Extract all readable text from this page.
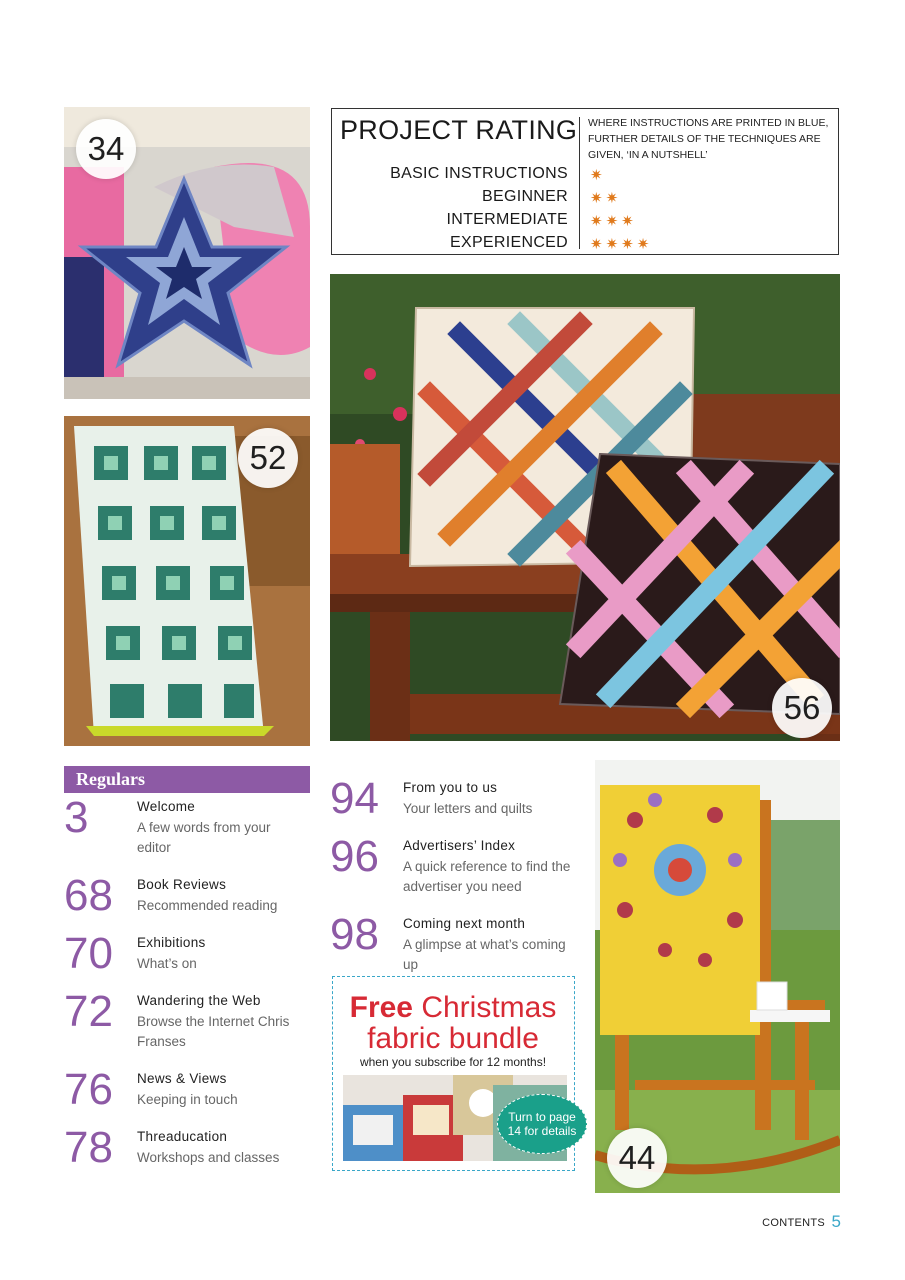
34
52
PROJECT RATING WHERE INSTRUCTIONS ARE PRINTED IN BLUE, FURTHER DETAILS OF THE TECHNIQUES ARE GIVEN, ‘IN A NUTSHELL’
BASIC INSTRUCTIONS ✷
BEGINNER ✷✷
INTERMEDIATE ✷✷✷
EXPERIENCED ✷✷✷✷
56
Regulars
3	Welcome
A few words from your editor
68 Book Reviews
Recommended reading
70 Exhibitions
What’s on
72 Wandering the Web
Browse the Internet Chris Franses
76 News & Views
Keeping in touch
78 Threaducation
Workshops and classes
94 From you to us
Your letters and quilts
96 Advertisers’ Index
A quick reference to find the advertiser you need
98 Coming next month
A glimpse at what’s coming up
Free Christmas
fabric bundle
when you subscribe for 12 months!
Turn to page 14 for details
44
CONTENTS 5
